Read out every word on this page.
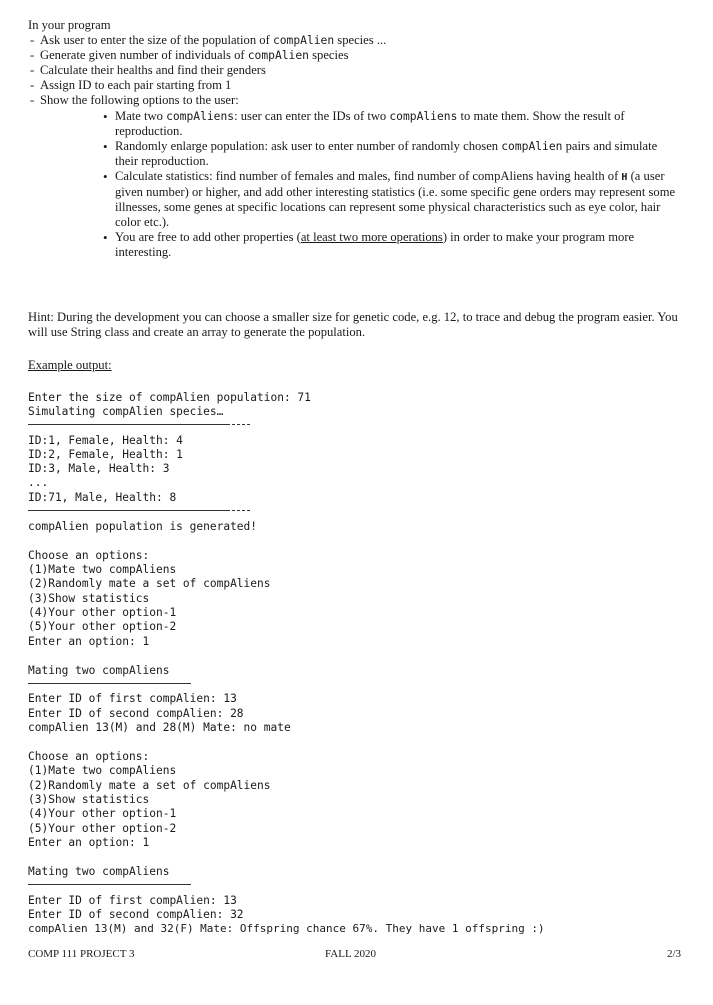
In your program
- Ask user to enter the size of the population of compAlien species ...
- Generate given number of individuals of compAlien species
- Calculate their healths and find their genders
- Assign ID to each pair starting from 1
- Show the following options to the user:
• Mate two compAliens: user can enter the IDs of two compAliens to mate them. Show the result of reproduction.
• Randomly enlarge population: ask user to enter number of randomly chosen compAlien pairs and simulate their reproduction.
• Calculate statistics: find number of females and males, find number of compAliens having health of H (a user given number) or higher, and add other interesting statistics (i.e. some specific gene orders may represent some illnesses, some genes at specific locations can represent some physical characteristics such as eye color, hair color etc.).
• You are free to add other properties (at least two more operations) in order to make your program more interesting.
Hint: During the development you can choose a smaller size for genetic code, e.g. 12, to trace and debug the program easier. You will use String class and create an array to generate the population.
Example output:
Enter the size of compAlien population: 71
Simulating compAlien species…
ID:1, Female, Health: 4
ID:2, Female, Health: 1
ID:3, Male, Health: 3
...
ID:71, Male, Health: 8
compAlien population is generated!
Choose an options:
(1)Mate two compAliens
(2)Randomly mate a set of compAliens
(3)Show statistics
(4)Your other option-1
(5)Your other option-2
Enter an option: 1
Mating two compAliens
Enter ID of first compAlien: 13
Enter ID of second compAlien: 28
compAlien 13(M) and 28(M) Mate: no mate
Choose an options:
(1)Mate two compAliens
(2)Randomly mate a set of compAliens
(3)Show statistics
(4)Your other option-1
(5)Your other option-2
Enter an option: 1
Mating two compAliens
Enter ID of first compAlien: 13
Enter ID of second compAlien: 32
compAlien 13(M) and 32(F) Mate: Offspring chance 67%. They have 1 offspring :)
COMP 111 PROJECT 3	FALL 2020	2/3
